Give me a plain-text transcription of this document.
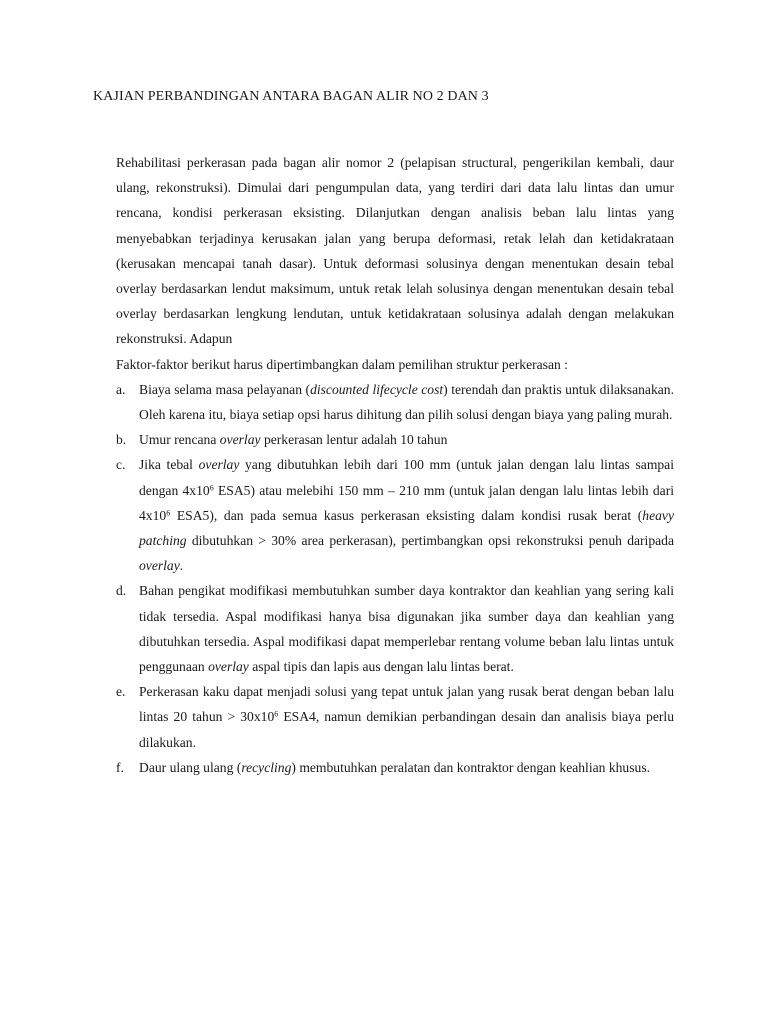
KAJIAN PERBANDINGAN ANTARA BAGAN ALIR NO 2 DAN 3

Rehabilitasi perkerasan pada bagan alir nomor 2 (pelapisan structural, pengerikilan kembali, daur ulang, rekonstruksi). Dimulai dari pengumpulan data, yang terdiri dari data lalu lintas dan umur rencana, kondisi perkerasan eksisting. Dilanjutkan dengan analisis beban lalu lintas yang menyebabkan terjadinya kerusakan jalan yang berupa deformasi, retak lelah dan ketidakrataan (kerusakan mencapai tanah dasar). Untuk deformasi solusinya dengan menentukan desain tebal overlay berdasarkan lendut maksimum, untuk retak lelah solusinya dengan menentukan desain tebal overlay berdasarkan lengkung lendutan, untuk ketidakrataan solusinya adalah dengan melakukan rekonstruksi. Adapun

Faktor-faktor berikut harus dipertimbangkan dalam pemilihan struktur perkerasan :

a. Biaya selama masa pelayanan (discounted lifecycle cost) terendah dan praktis untuk dilaksanakan. Oleh karena itu, biaya setiap opsi harus dihitung dan pilih solusi dengan biaya yang paling murah.
b. Umur rencana overlay perkerasan lentur adalah 10 tahun
c. Jika tebal overlay yang dibutuhkan lebih dari 100 mm (untuk jalan dengan lalu lintas sampai dengan $4x10^6$ ESA5) atau melebihi 150 mm – 210 mm (untuk jalan dengan lalu lintas lebih dari $4x10^6$ ESA5), dan pada semua kasus perkerasan eksisting dalam kondisi rusak berat (heavy patching dibutuhkan > 30% area perkerasan), pertimbangkan opsi rekonstruksi penuh daripada overlay.
d. Bahan pengikat modifikasi membutuhkan sumber daya kontraktor dan keahlian yang sering kali tidak tersedia. Aspal modifikasi hanya bisa digunakan jika sumber daya dan keahlian yang dibutuhkan tersedia. Aspal modifikasi dapat memperlebar rentang volume beban lalu lintas untuk penggunaan overlay aspal tipis dan lapis aus dengan lalu lintas berat.
e. Perkerasan kaku dapat menjadi solusi yang tepat untuk jalan yang rusak berat dengan beban lalu lintas 20 tahun > $30x10^6$ ESA4, namun demikian perbandingan desain dan analisis biaya perlu dilakukan.
f. Daur ulang ulang (recycling) membutuhkan peralatan dan kontraktor dengan keahlian khusus.
